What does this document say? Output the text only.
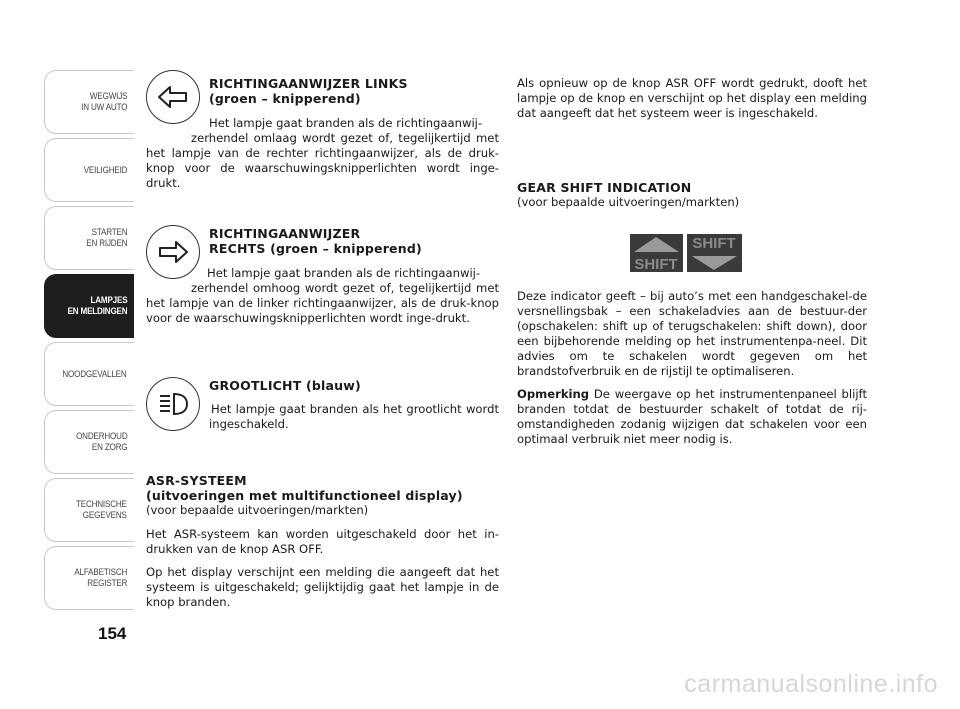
WEGWIJS
IN UW AUTO
VEILIGHEID
STARTEN
EN RIJDEN
LAMPJES
EN MELDINGEN
NOODGEVALLEN
ONDERHOUD
EN ZORG
TECHNISCHE
GEGEVENS
ALFABETISCH
REGISTER
154
RICHTINGAANWIJZER LINKS
(groen – knipperend)
Het lampje gaat branden als de richtingaanwij-
zerhendel omlaag wordt gezet of, tegelijkertijd met het lampje van de rechter richtingaanwijzer, als de druk-knop voor de waarschuwingsknipperlichten wordt inge-drukt.
RICHTINGAANWIJZER
RECHTS (groen – knipperend)
Het lampje gaat branden als de richtingaanwij-
zerhendel omhoog wordt gezet of, tegelijkertijd met het lampje van de linker richtingaanwijzer, als de druk-knop voor de waarschuwingsknipperlichten wordt inge-drukt.
GROOTLICHT (blauw)

Het lampje gaat branden als het grootlicht wordt ingeschakeld.

ASR-SYSTEEM
(uitvoeringen met multifunctioneel display)
(voor bepaalde uitvoeringen/markten)

Het ASR-systeem kan worden uitgeschakeld door het in-drukken van de knop ASR OFF.

Op het display verschijnt een melding die aangeeft dat het systeem is uitgeschakeld; gelijktijdig gaat het lampje in de knop branden.

Als opnieuw op de knop ASR OFF wordt gedrukt, dooft het lampje op de knop en verschijnt op het display een melding dat aangeeft dat het systeem weer is ingeschakeld.
GEAR SHIFT INDICATION
(voor bepaalde uitvoeringen/markten)
SHIFT
SHIFT

Deze indicator geeft – bij auto’s met een handgeschakel-de versnellingsbak – een schakeladvies aan de bestuur-der (opschakelen: shift up of terugschakelen: shift down), door een bijbehorende melding op het instrumentenpa-neel. Dit advies om te schakelen wordt gegeven om het brandstofverbruik en de rijstijl te optimaliseren.

Opmerking De weergave op het instrumentenpaneel blijft branden totdat de bestuurder schakelt of totdat de rij-omstandigheden zodanig wijzigen dat schakelen voor een optimaal verbruik niet meer nodig is.

carmanualsonline.info
